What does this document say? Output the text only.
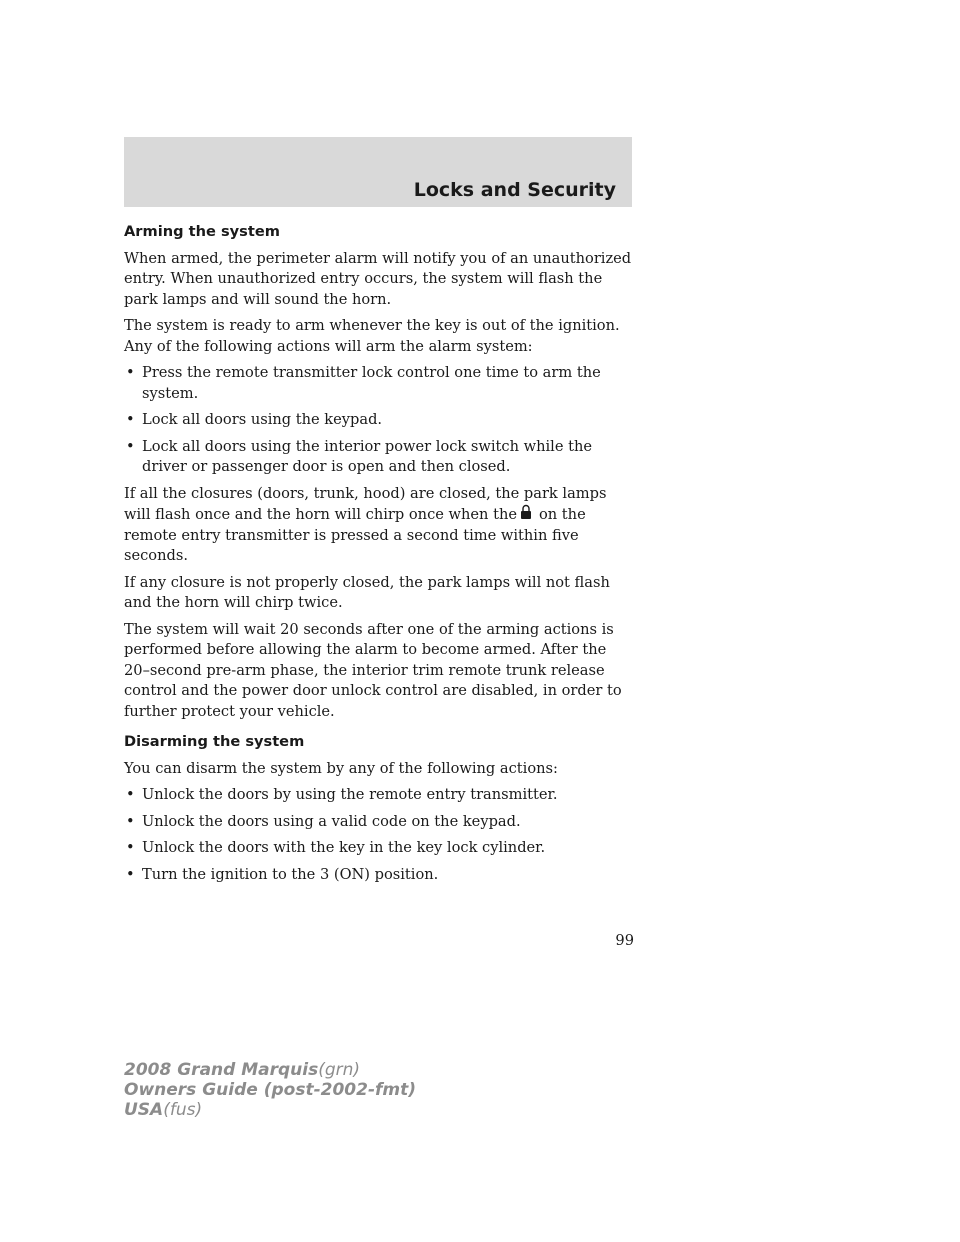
Locks and Security
Arming the system

When armed, the perimeter alarm will notify you of an unauthorized entry. When unauthorized entry occurs, the system will flash the park lamps and will sound the horn.

The system is ready to arm whenever the key is out of the ignition. Any of the following actions will arm the alarm system:

• Press the remote transmitter lock control one time to arm the system.
• Lock all doors using the keypad.
• Lock all doors using the interior power lock switch while the driver or passenger door is open and then closed.

If all the closures (doors, trunk, hood) are closed, the park lamps will flash once and the horn will chirp once when the on the remote entry transmitter is pressed a second time within five seconds.

If any closure is not properly closed, the park lamps will not flash and the horn will chirp twice.

The system will wait 20 seconds after one of the arming actions is performed before allowing the alarm to become armed. After the 20–second pre-arm phase, the interior trim remote trunk release control and the power door unlock control are disabled, in order to further protect your vehicle.

Disarming the system

You can disarm the system by any of the following actions:

• Unlock the doors by using the remote entry transmitter.
• Unlock the doors using a valid code on the keypad.
• Unlock the doors with the key in the key lock cylinder.
• Turn the ignition to the 3 (ON) position.
99
2008 Grand Marquis(grn)
Owners Guide (post-2002-fmt)
USA(fus)
